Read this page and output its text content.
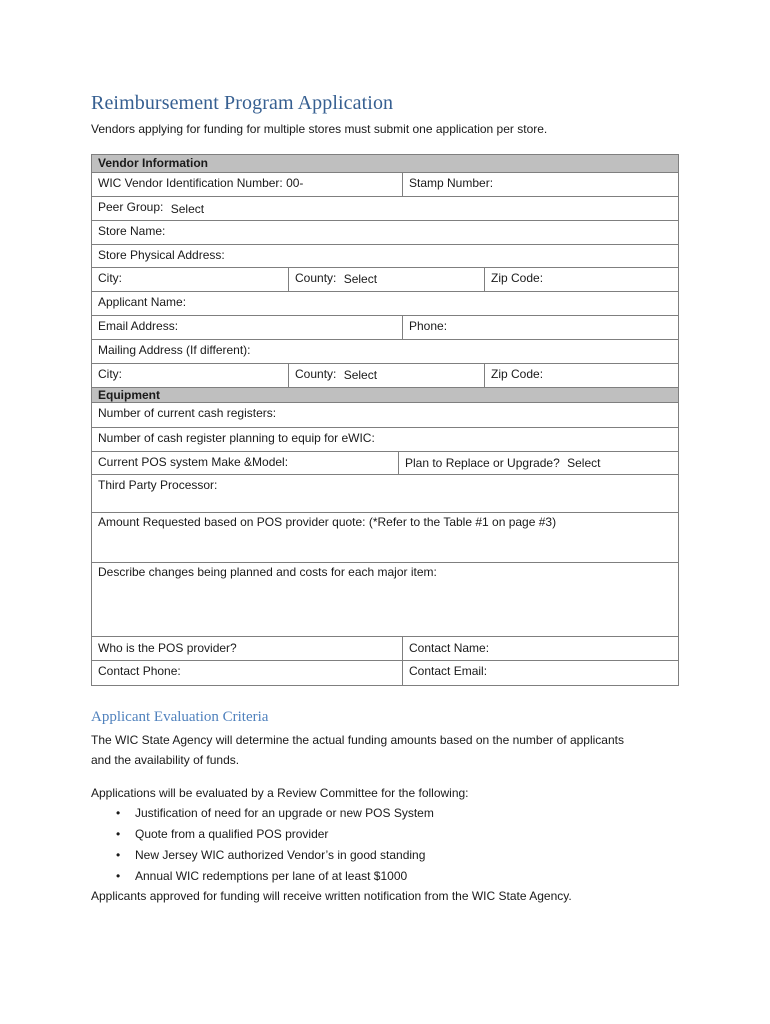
Reimbursement Program Application
Vendors applying for funding for multiple stores must submit one application per store.
Vendor Information
WIC Vendor Identification Number: 00-	Stamp Number:
Peer Group: Select
Store Name:
Store Physical Address:
City:	County: Select	Zip Code:
Applicant Name:
Email Address:	Phone:
Mailing Address (If different):
City:	County: Select	Zip Code:
Equipment
Number of current cash registers:
Number of cash register planning to equip for eWIC:
Current POS system Make &Model:	Plan to Replace or Upgrade? Select
Third Party Processor:
Amount Requested based on POS provider quote: (*Refer to the Table #1 on page #3)
Describe changes being planned and costs for each major item:
Who is the POS provider?	Contact Name:
Contact Phone:	Contact Email:
Applicant Evaluation Criteria
The WIC State Agency will determine the actual funding amounts based on the number of applicants
and the availability of funds.
Applications will be evaluated by a Review Committee for the following:
• Justification of need for an upgrade or new POS System
• Quote from a qualified POS provider
• New Jersey WIC authorized Vendor’s in good standing
• Annual WIC redemptions per lane of at least $1000
Applicants approved for funding will receive written notification from the WIC State Agency.
